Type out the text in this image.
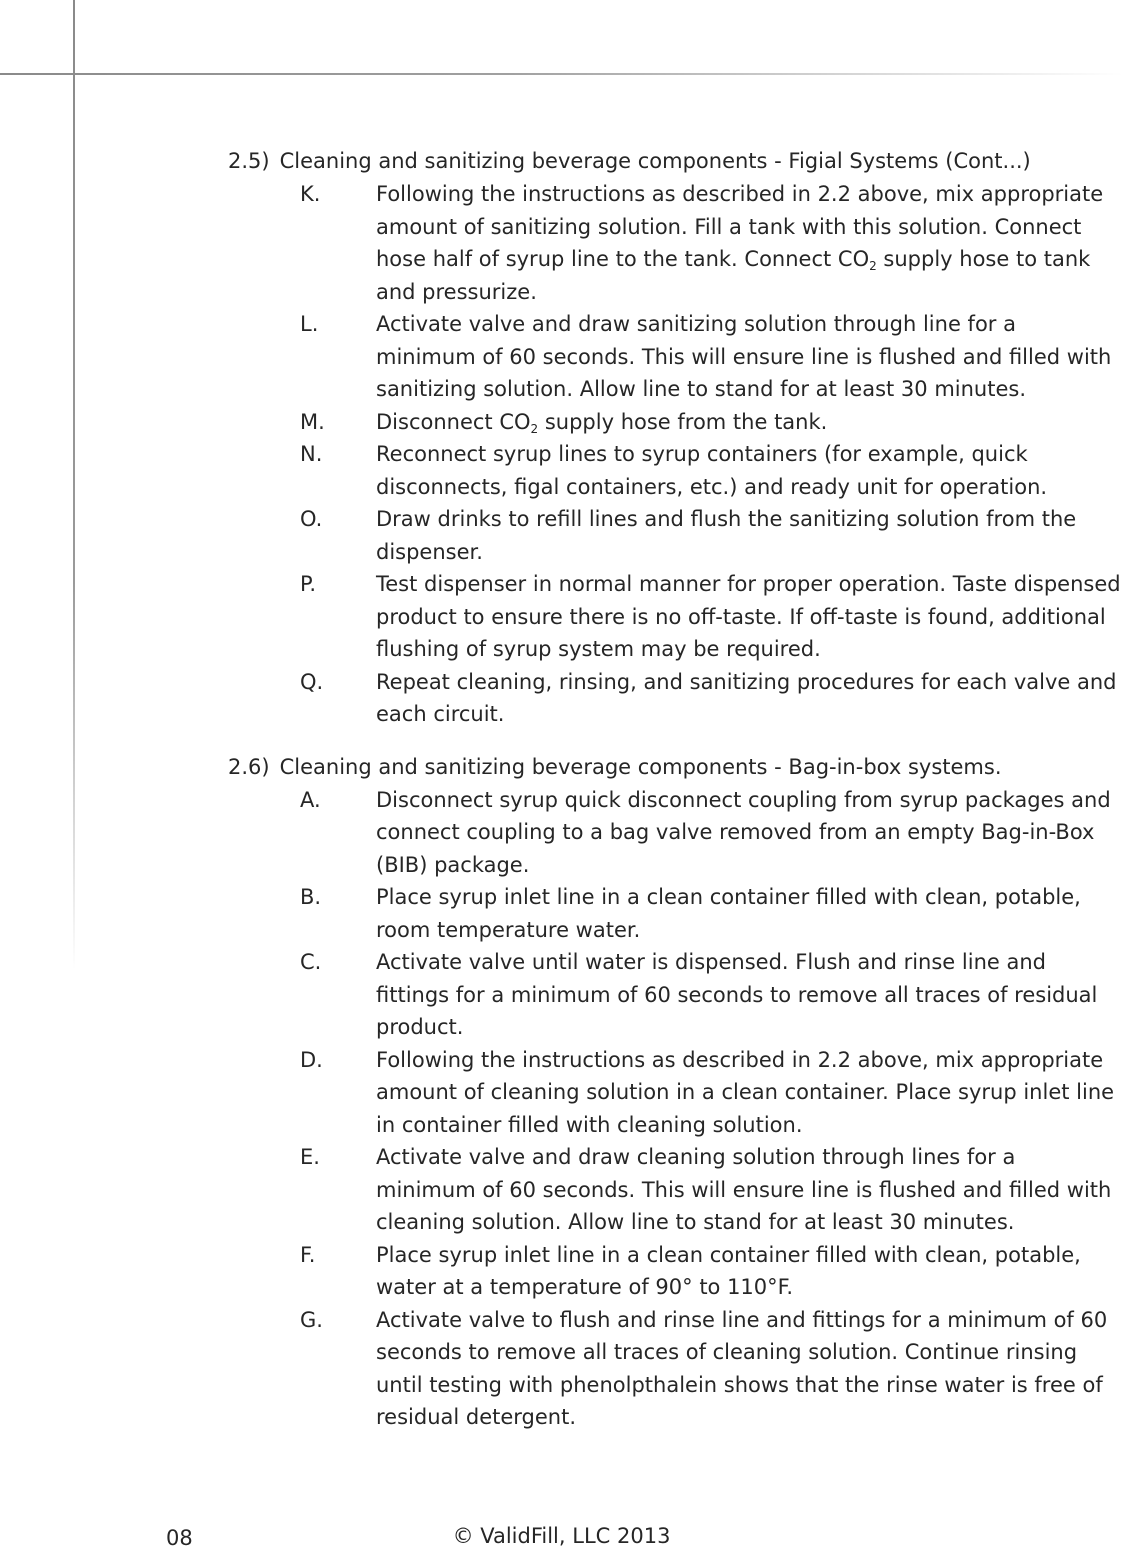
2.5) Cleaning and sanitizing beverage components - Figial Systems (Cont...)
K.	Following the instructions as described in 2.2 above, mix appropriate amount of sanitizing solution. Fill a tank with this solution. Connect hose half of syrup line to the tank. Connect $CO_2$ supply hose to tank and pressurize.
L.	Activate valve and draw sanitizing solution through line for a minimum of 60 seconds. This will ensure line is flushed and filled with sanitizing solution. Allow line to stand for at least 30 minutes.
M.	Disconnect $CO_2$ supply hose from the tank.
N.	Reconnect syrup lines to syrup containers (for example, quick disconnects, figal containers, etc.) and ready unit for operation.
O.	Draw drinks to refill lines and flush the sanitizing solution from the dispenser.
P.	Test dispenser in normal manner for proper operation. Taste dispensed product to ensure there is no off-taste. If off-taste is found, additional flushing of syrup system may be required.
Q.	Repeat cleaning, rinsing, and sanitizing procedures for each valve and each circuit.
2.6) Cleaning and sanitizing beverage components - Bag-in-box systems.
A.	Disconnect syrup quick disconnect coupling from syrup packages and connect coupling to a bag valve removed from an empty Bag-in-Box (BIB) package.
B.	Place syrup inlet line in a clean container filled with clean, potable, room temperature water.
C.	Activate valve until water is dispensed. Flush and rinse line and fittings for a minimum of 60 seconds to remove all traces of residual product.
D.	Following the instructions as described in 2.2 above, mix appropriate amount of cleaning solution in a clean container. Place syrup inlet line in container filled with cleaning solution.
E.	Activate valve and draw cleaning solution through lines for a minimum of 60 seconds. This will ensure line is flushed and filled with cleaning solution. Allow line to stand for at least 30 minutes.
F.	Place syrup inlet line in a clean container filled with clean, potable, water at a temperature of 90° to 110°F.
G.	Activate valve to flush and rinse line and fittings for a minimum of 60 seconds to remove all traces of cleaning solution. Continue rinsing until testing with phenolpthalein shows that the rinse water is free of residual detergent.
08	© ValidFill, LLC 2013
